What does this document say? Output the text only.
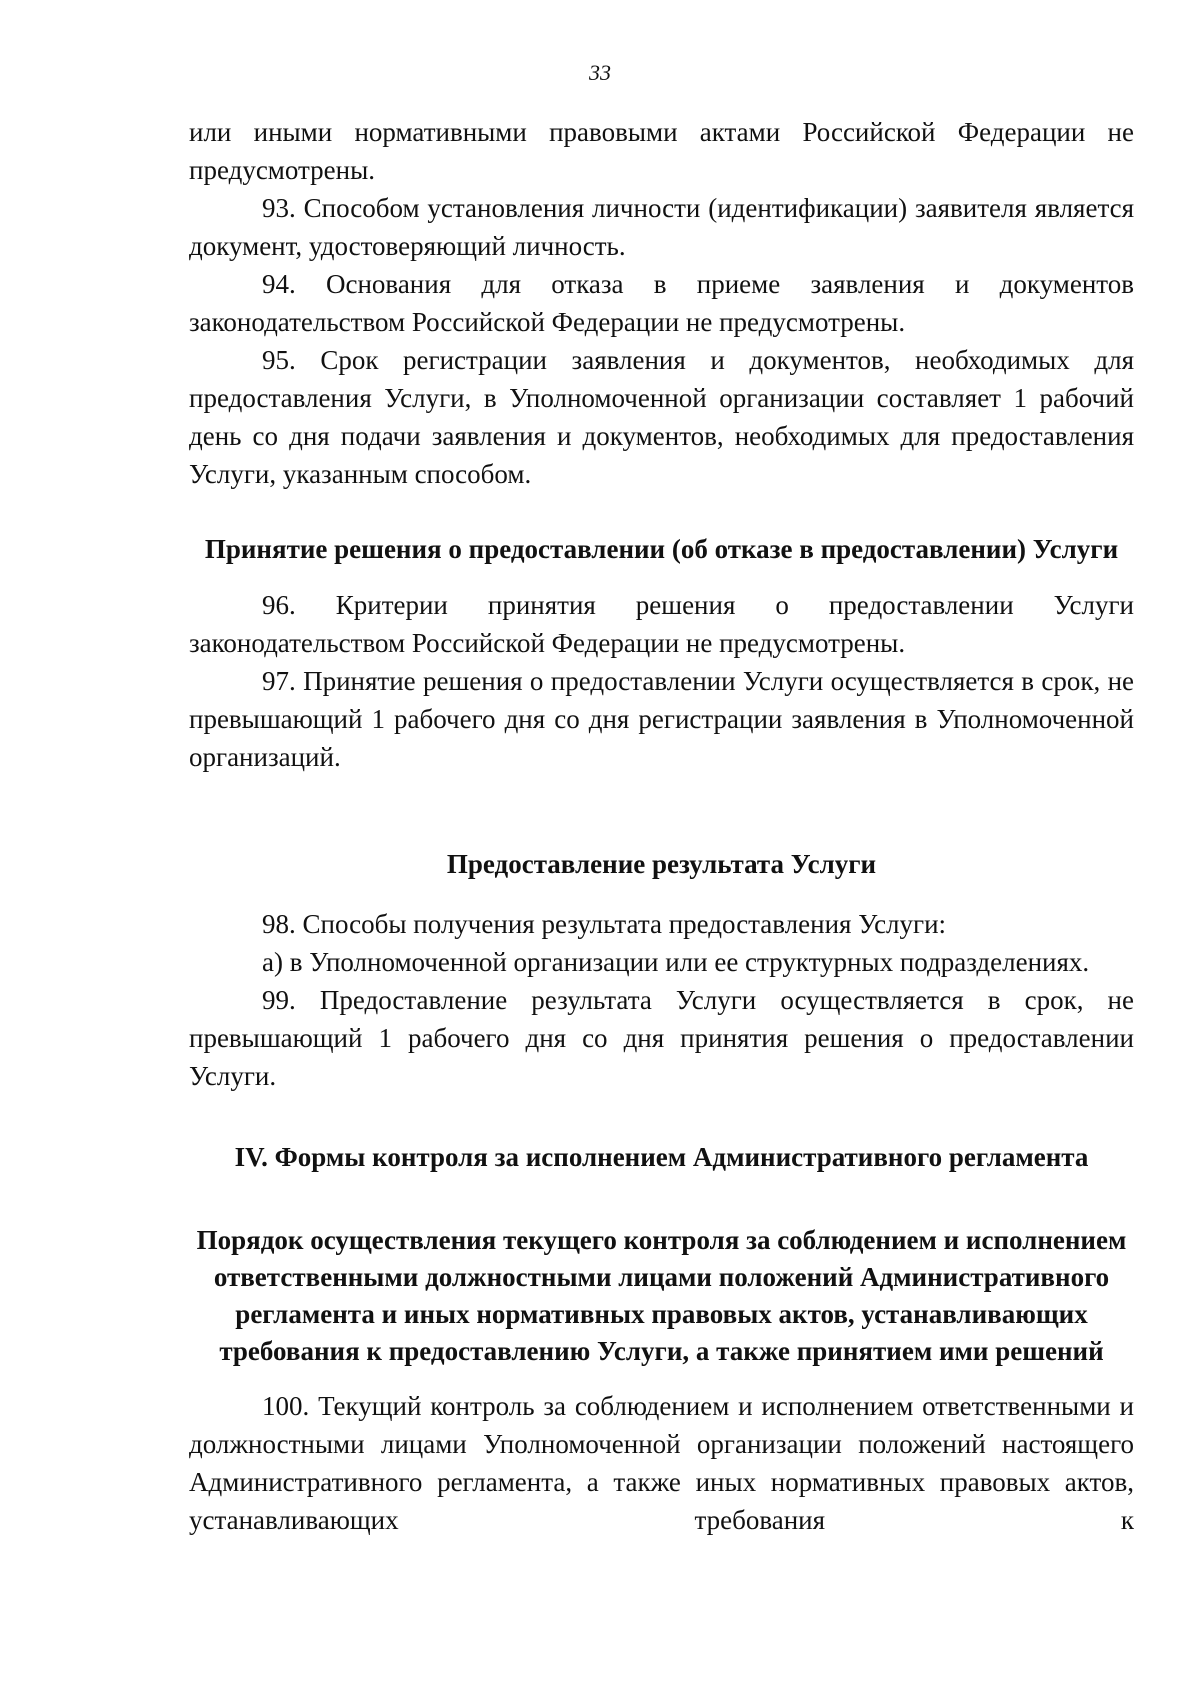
33

или иными нормативными правовыми актами Российской Федерации не предусмотрены.

93. Способом установления личности (идентификации) заявителя является документ, удостоверяющий личность.

94. Основания для отказа в приеме заявления и документов законодательством Российской Федерации не предусмотрены.

95. Срок регистрации заявления и документов, необходимых для предоставления Услуги, в Уполномоченной организации составляет 1 рабочий день со дня подачи заявления и документов, необходимых для предоставления Услуги, указанным способом.

Принятие решения о предоставлении (об отказе в предоставлении) Услуги

96. Критерии принятия решения о предоставлении Услуги законодательством Российской Федерации не предусмотрены.

97. Принятие решения о предоставлении Услуги осуществляется в срок, не превышающий 1 рабочего дня со дня регистрации заявления в Уполномоченной организаций.

Предоставление результата Услуги

98. Способы получения результата предоставления Услуги:

а) в Уполномоченной организации или ее структурных подразделениях.

99. Предоставление результата Услуги осуществляется в срок, не превышающий 1 рабочего дня со дня принятия решения о предоставлении Услуги.

IV. Формы контроля за исполнением Административного регламента
Порядок осуществления текущего контроля за соблюдением и исполнением ответственными должностными лицами положений Административного регламента и иных нормативных правовых актов, устанавливающих требования к предоставлению Услуги, а также принятием ими решений

100. Текущий контроль за соблюдением и исполнением ответственными и должностными лицами Уполномоченной организации положений настоящего Административного регламента, а также иных нормативных правовых актов, устанавливающих требования к
